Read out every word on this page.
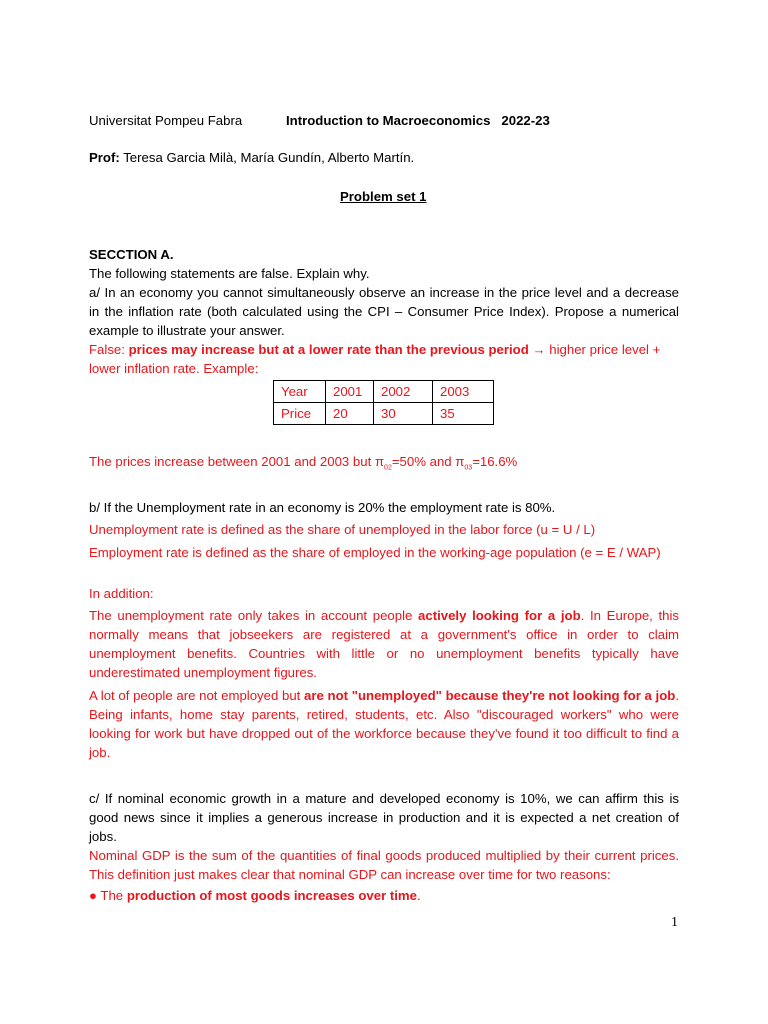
Universitat Pompeu Fabra	Introduction to Macroeconomics 2022-23
Prof: Teresa Garcia Milà, María Gundín, Alberto Martín.
Problem set 1
SECCTION A.
The following statements are false. Explain why.
a/ In an economy you cannot simultaneously observe an increase in the price level and a decrease in the inflation rate (both calculated using the CPI – Consumer Price Index). Propose a numerical example to illustrate your answer.
False: prices may increase but at a lower rate than the previous period → higher price level +
lower inflation rate. Example:
Year	2001	2002	2003
Price	20	30	35
The prices increase between 2001 and 2003 but $\pi_{02}=50\%$ and $\pi_{03}=16.6\%$
b/ If the Unemployment rate in an economy is 20% the employment rate is 80%.
Unemployment rate is defined as the share of unemployed in the labor force (u = U / L)
Employment rate is defined as the share of employed in the working-age population (e = E / WAP)
In addition:
The unemployment rate only takes in account people actively looking for a job. In Europe, this normally means that jobseekers are registered at a government's office in order to claim unemployment benefits. Countries with little or no unemployment benefits typically have underestimated unemployment figures.
A lot of people are not employed but are not "unemployed" because they're not looking for a job. Being infants, home stay parents, retired, students, etc. Also "discouraged workers" who were looking for work but have dropped out of the workforce because they've found it too difficult to find a job.
c/ If nominal economic growth in a mature and developed economy is 10%, we can affirm this is good news since it implies a generous increase in production and it is expected a net creation of jobs.
Nominal GDP is the sum of the quantities of final goods produced multiplied by their current prices. This definition just makes clear that nominal GDP can increase over time for two reasons:
● The production of most goods increases over time.
1
